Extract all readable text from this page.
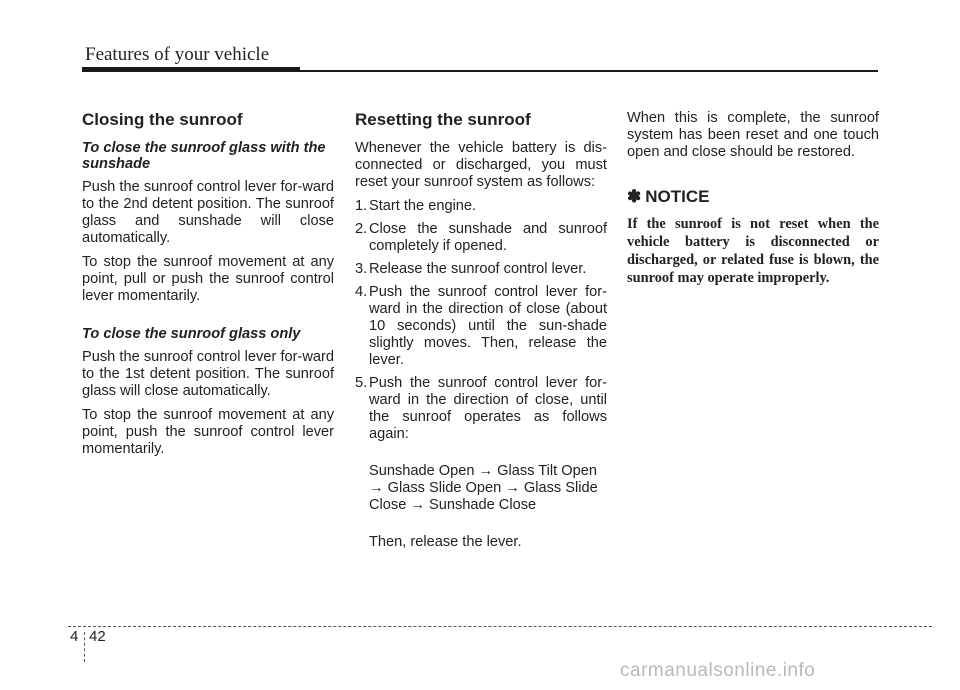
Features of your vehicle
Closing the sunroof
To close the sunroof glass with the sunshade

Push the sunroof control lever for-ward to the 2nd detent position. The sunroof glass and sunshade will close automatically.

To stop the sunroof movement at any point, pull or push the sunroof control lever momentarily.

To close the sunroof glass only

Push the sunroof control lever for-ward to the 1st detent position. The sunroof glass will close automatically.

To stop the sunroof movement at any point, push the sunroof control lever momentarily.

Resetting the sunroof

Whenever the vehicle battery is dis-connected or discharged, you must reset your sunroof system as follows:

1. Start the engine.
2. Close the sunshade and sunroof completely if opened.
3. Release the sunroof control lever.
4. Push the sunroof control lever for-ward in the direction of close (about 10 seconds) until the sun-shade slightly moves. Then, release the lever.
5. Push the sunroof control lever for-ward in the direction of close, until the sunroof operates as follows again:

Sunshade Open → Glass Tilt Open → Glass Slide Open → Glass Slide Close → Sunshade Close

Then, release the lever.

When this is complete, the sunroof system has been reset and one touch open and close should be restored.

✽ NOTICE

If the sunroof is not reset when the vehicle battery is disconnected or discharged, or related fuse is blown, the sunroof may operate improperly.

4 42
carmanualsonline.info
